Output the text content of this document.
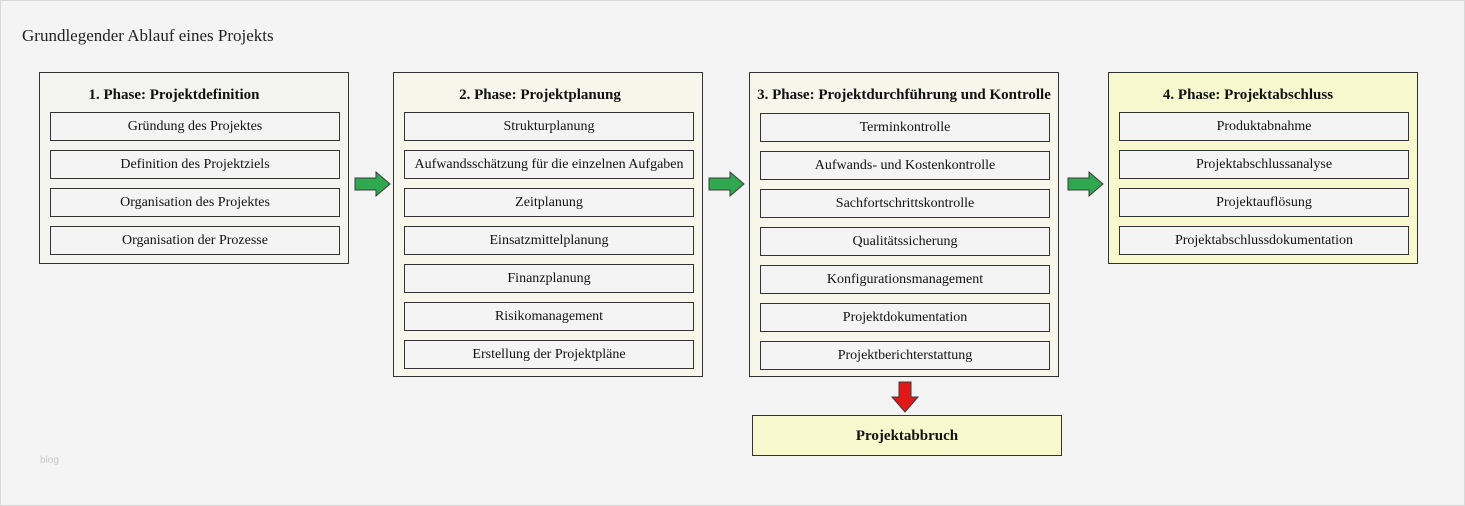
Grundlegender Ablauf eines Projekts
1. Phase: Projektdefinition
Gründung des Projektes
Definition des Projektziels
Organisation des Projektes
Organisation der Prozesse
2. Phase: Projektplanung
Strukturplanung
Aufwandsschätzung für die einzelnen Aufgaben
Zeitplanung
Einsatzmittelplanung
Finanzplanung
Risikomanagement
Erstellung der Projektpläne
3. Phase: Projektdurchführung und Kontrolle
Terminkontrolle
Aufwands- und Kostenkontrolle
Sachfortschrittskontrolle
Qualitätssicherung
Konfigurationsmanagement
Projektdokumentation
Projektberichterstattung
4. Phase: Projektabschluss
Produktabnahme
Projektabschlussanalyse
Projektauflösung
Projektabschlussdokumentation
Projektabbruch
blog
